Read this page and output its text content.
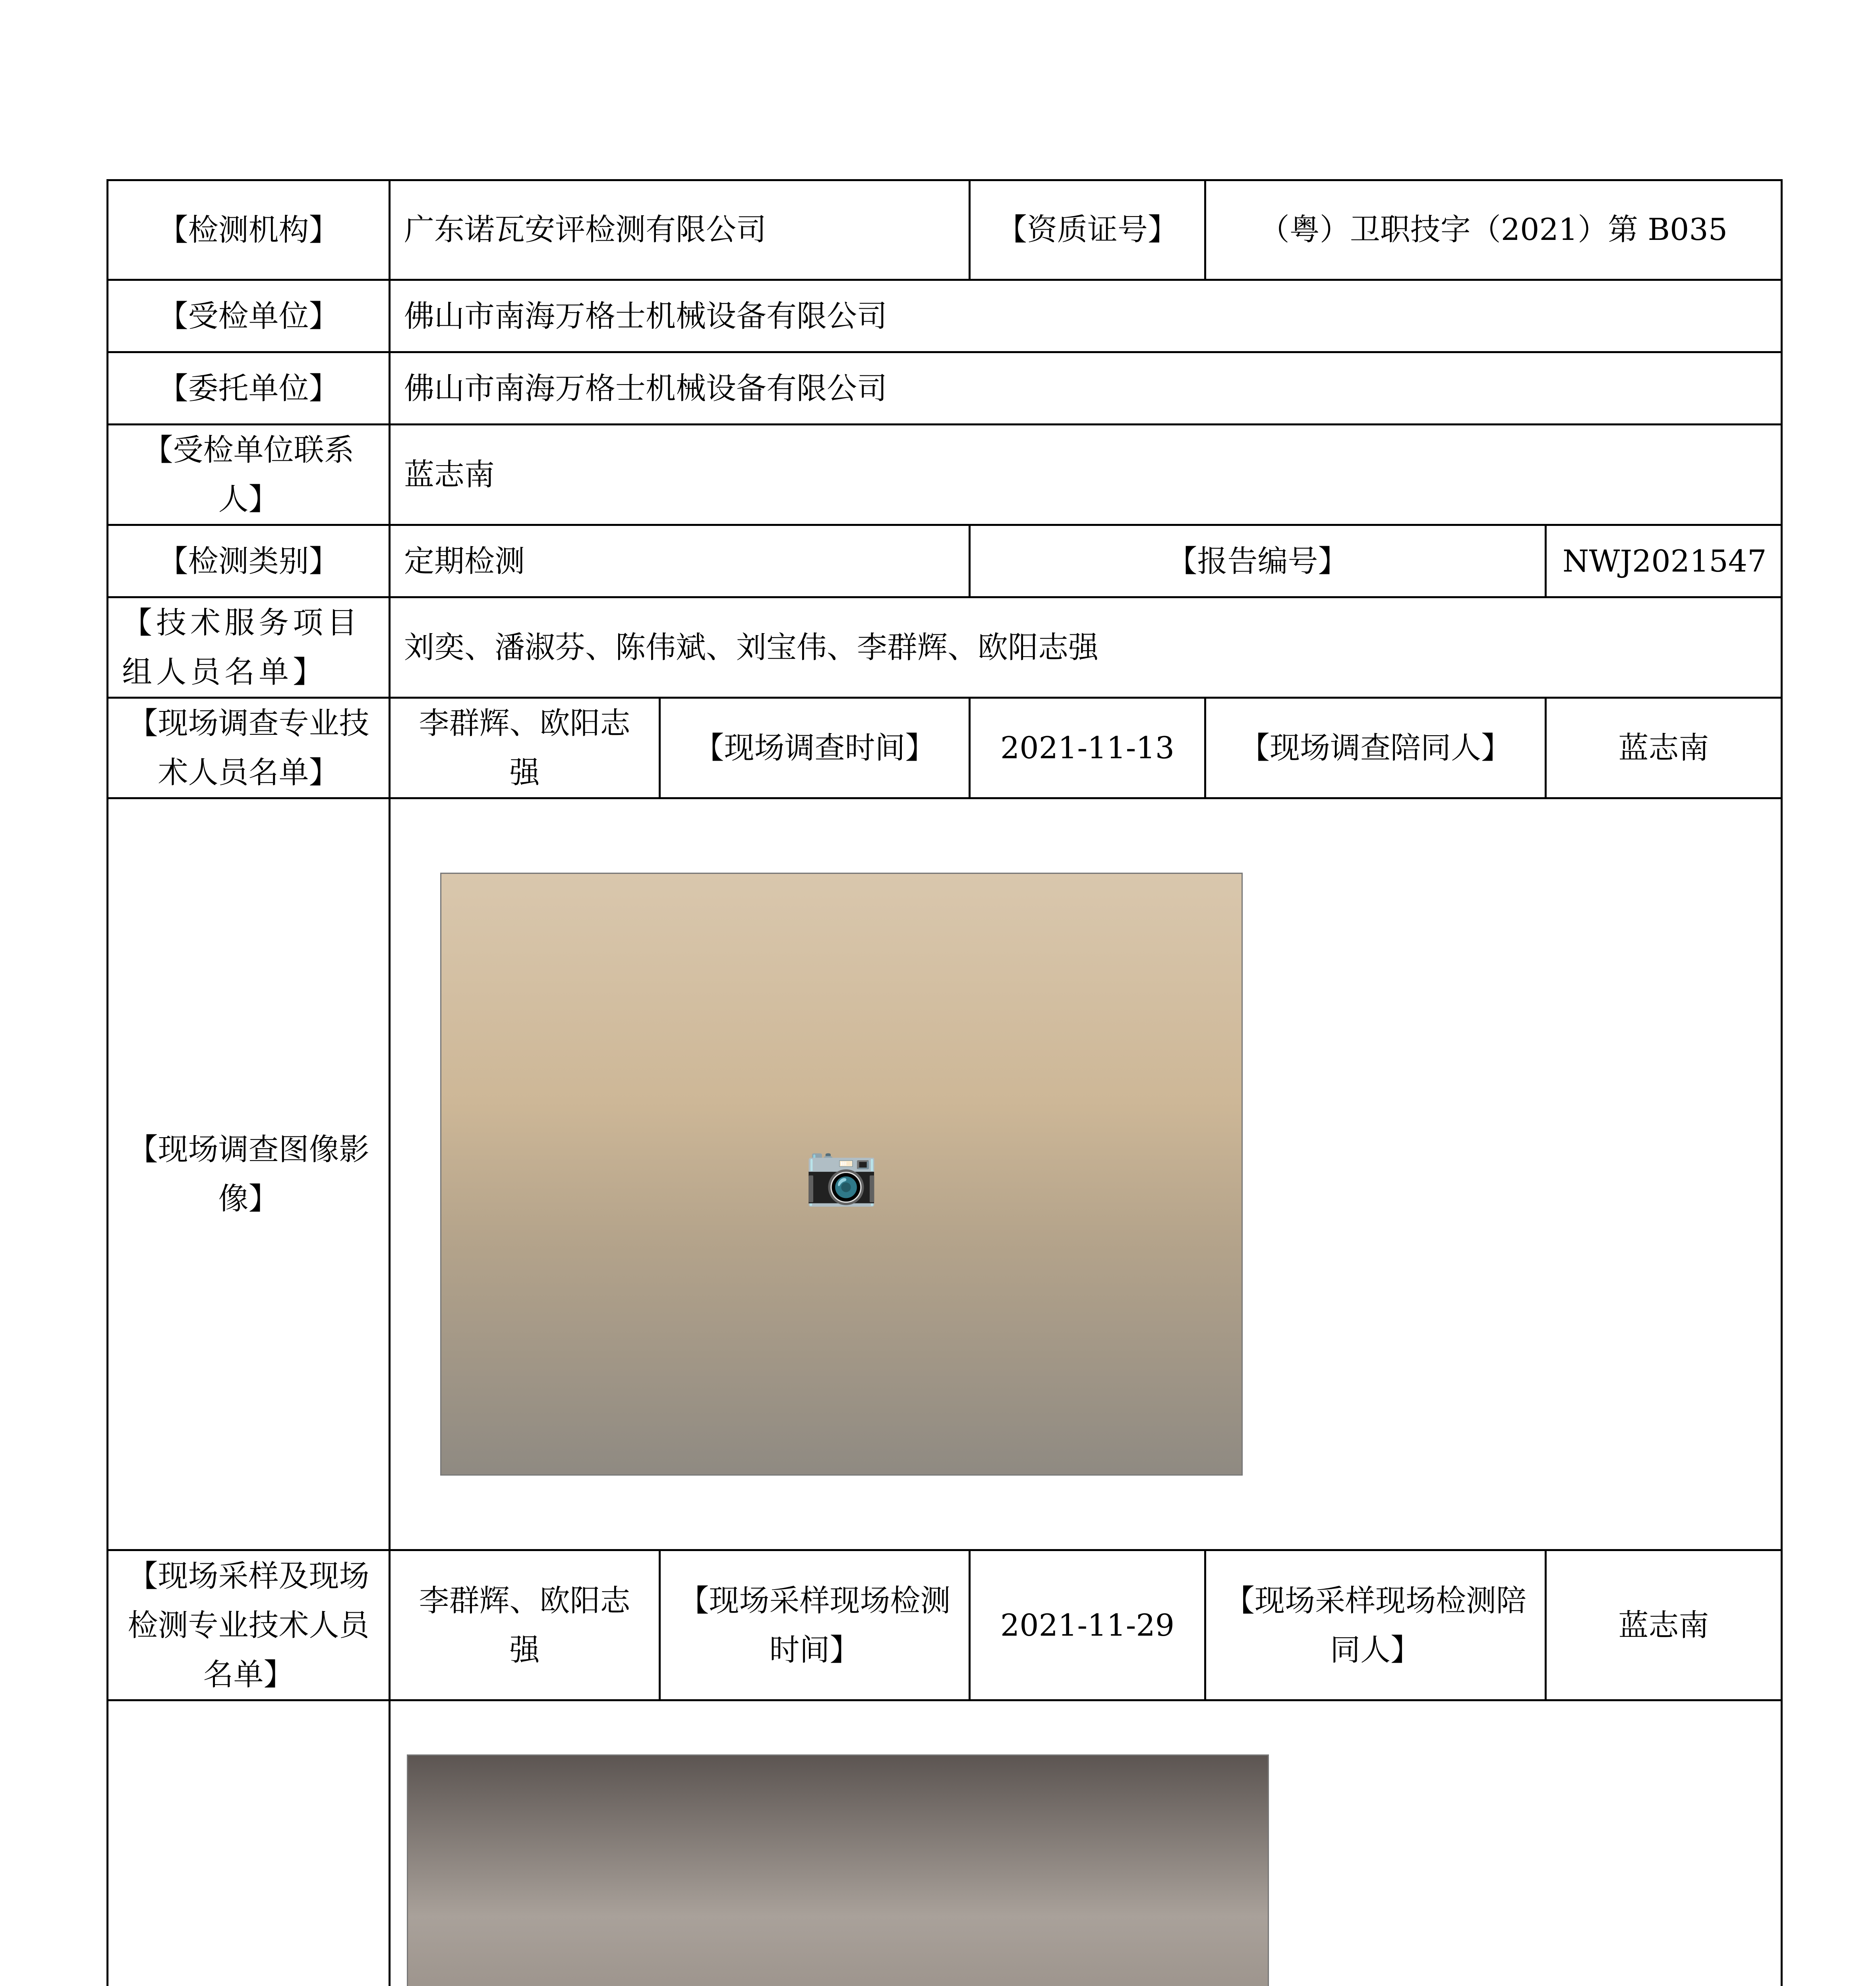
【检测机构】	广东诺瓦安评检测有限公司		【资质证号】	（粤）卫职技字（2021）第 B035	
【受检单位】	佛山市南海万格士机械设备有限公司				
【委托单位】	佛山市南海万格士机械设备有限公司				
【受检单位联系人】	蓝志南				
【检测类别】	定期检测		【报告编号】		NWJ2021547
【技术服务项目组人员名单】	刘奕、潘淑芬、陈伟斌、刘宝伟、李群辉、欧阳志强				
【现场调查专业技术人员名单】	李群辉、欧阳志强	【现场调查时间】	2021-11-13	【现场调查陪同人】	蓝志南
【现场调查图像影像】	📷				

【现场采样及现场检测专业技术人员名单】	李群辉、欧阳志强	【现场采样现场检测时间】	2021-11-29	【现场采样现场检测陪同人】	蓝志南
